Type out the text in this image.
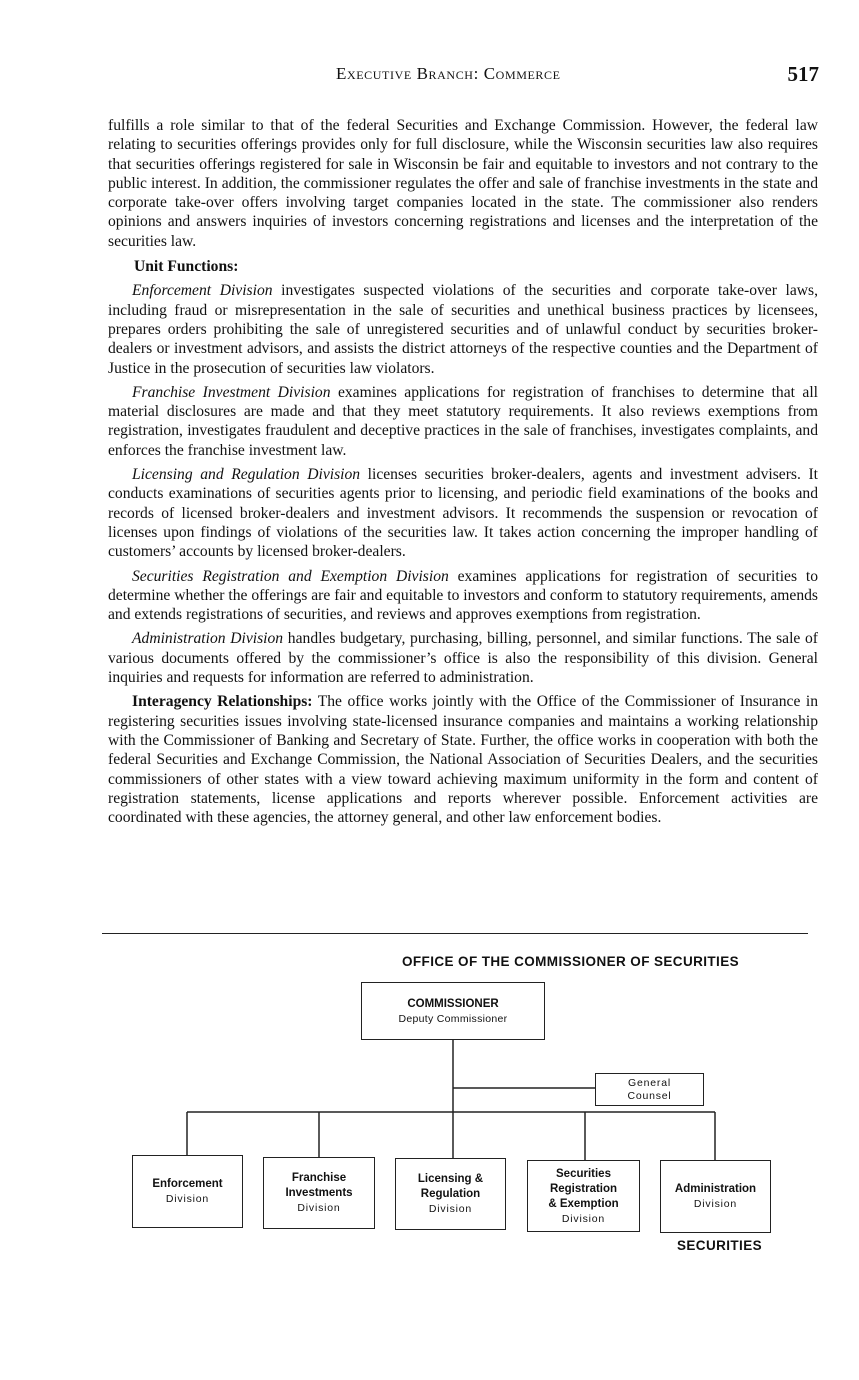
Executive Branch: Commerce	517

fulfills a role similar to that of the federal Securities and Exchange Commission. However, the federal law relating to securities offerings provides only for full disclosure, while the Wisconsin securities law also requires that securities offerings registered for sale in Wisconsin be fair and equitable to investors and not contrary to the public interest. In addition, the commissioner regulates the offer and sale of franchise investments in the state and corporate take-over offers involving target companies located in the state. The commissioner also renders opinions and answers inquiries of investors concerning registrations and licenses and the interpretation of the securities law.

Unit Functions:

Enforcement Division investigates suspected violations of the securities and corporate take-over laws, including fraud or misrepresentation in the sale of securities and unethical business practices by licensees, prepares orders prohibiting the sale of unregistered securities and of unlawful conduct by securities broker-dealers or investment advisors, and assists the district attorneys of the respective counties and the Department of Justice in the prosecution of securities law violators.

Franchise Investment Division examines applications for registration of franchises to determine that all material disclosures are made and that they meet statutory requirements. It also reviews exemptions from registration, investigates fraudulent and deceptive practices in the sale of franchises, investigates complaints, and enforces the franchise investment law.

Licensing and Regulation Division licenses securities broker-dealers, agents and investment advisers. It conducts examinations of securities agents prior to licensing, and periodic field examinations of the books and records of licensed broker-dealers and investment advisors. It recommends the suspension or revocation of licenses upon findings of violations of the securities law. It takes action concerning the improper handling of customers’ accounts by licensed broker-dealers.

Securities Registration and Exemption Division examines applications for registration of securities to determine whether the offerings are fair and equitable to investors and conform to statutory requirements, amends and extends registrations of securities, and reviews and approves exemptions from registration.

Administration Division handles budgetary, purchasing, billing, personnel, and similar functions. The sale of various documents offered by the commissioner’s office is also the responsibility of this division. General inquiries and requests for information are referred to administration.

Interagency Relationships: The office works jointly with the Office of the Commissioner of Insurance in registering securities issues involving state-licensed insurance companies and maintains a working relationship with the Commissioner of Banking and Secretary of State. Further, the office works in cooperation with both the federal Securities and Exchange Commission, the National Association of Securities Dealers, and the securities commissioners of other states with a view toward achieving maximum uniformity in the form and content of registration statements, license applications and reports wherever possible. Enforcement activities are coordinated with these agencies, the attorney general, and other law enforcement bodies.

OFFICE OF THE COMMISSIONER OF SECURITIES
COMMISSIONER
Deputy Commissioner
General
Counsel
Enforcement
Division
Franchise
Investments
Division
Licensing &
Regulation
Division
Securities
Registration
& Exemption
Division
Administration
Division
SECURITIES
